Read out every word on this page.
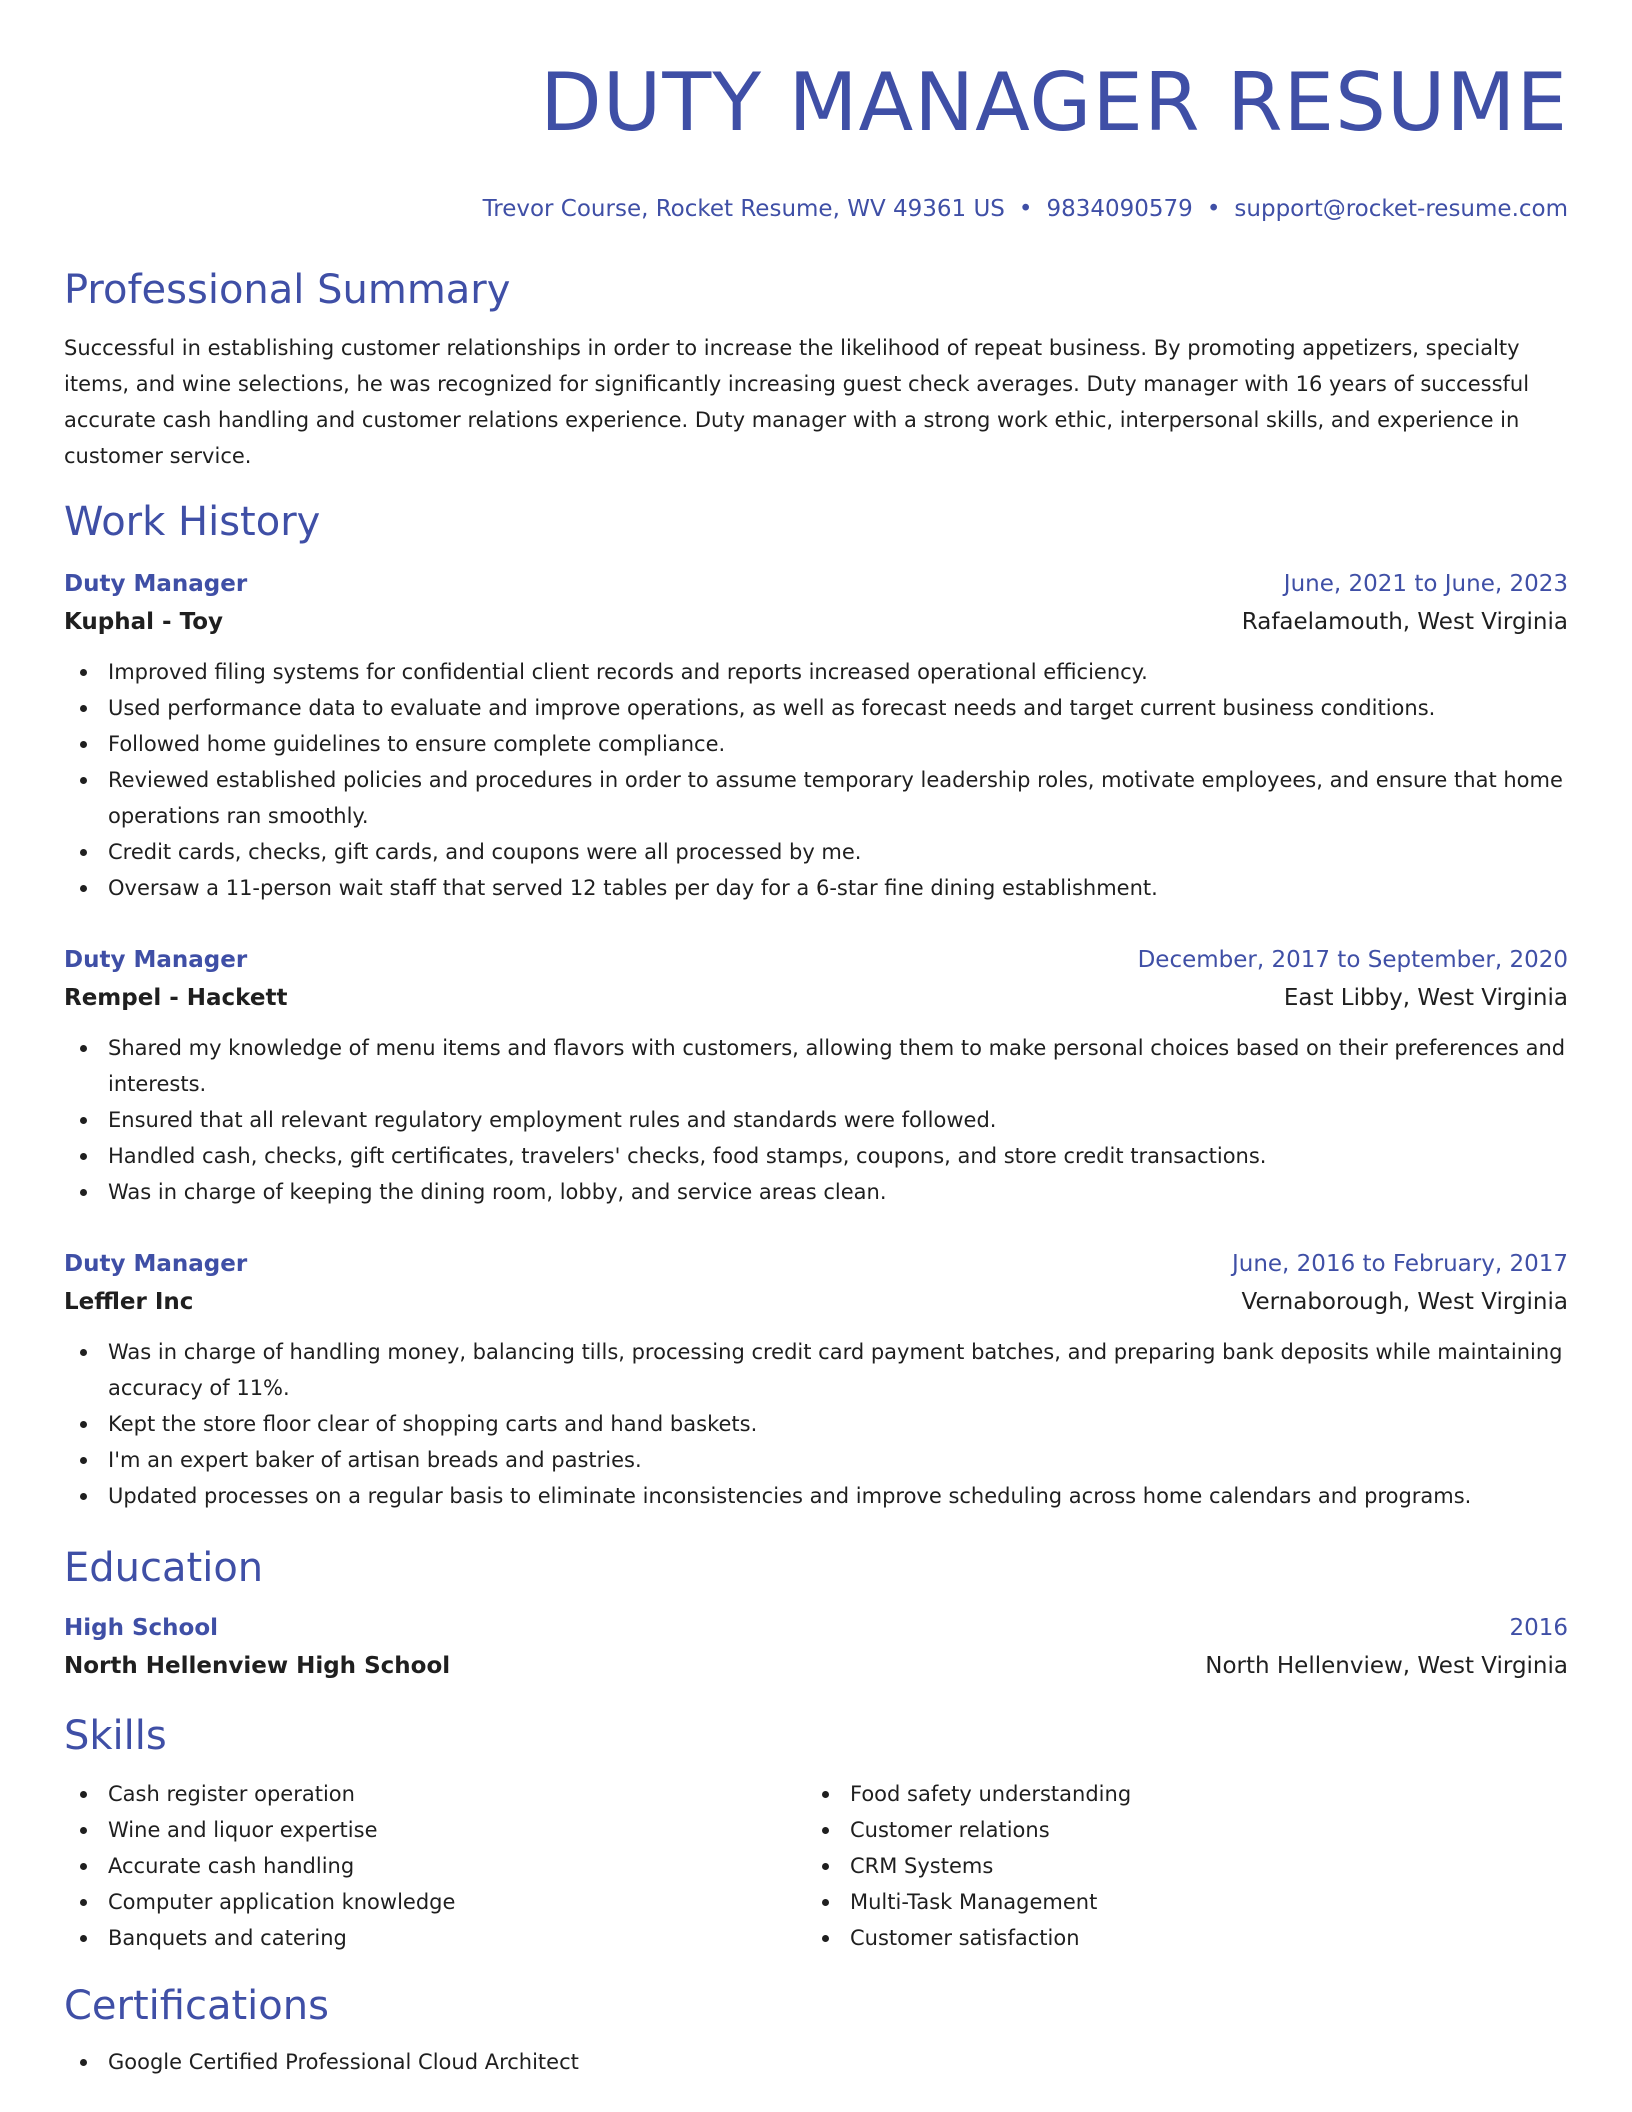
DUTY MANAGER RESUME
Trevor Course, Rocket Resume, WV 49361 US • 9834090579 • support@rocket-resume.com
Professional Summary

Successful in establishing customer relationships in order to increase the likelihood of repeat business. By promoting appetizers, specialty items, and wine selections, he was recognized for significantly increasing guest check averages. Duty manager with 16 years of successful accurate cash handling and customer relations experience. Duty manager with a strong work ethic, interpersonal skills, and experience in customer service.

Work History
Duty Manager	June, 2021 to June, 2023
Kuphal - Toy	Rafaelamouth, West Virginia
Improved filing systems for confidential client records and reports increased operational efficiency.
Used performance data to evaluate and improve operations, as well as forecast needs and target current business conditions.
Followed home guidelines to ensure complete compliance.
Reviewed established policies and procedures in order to assume temporary leadership roles, motivate employees, and ensure that home operations ran smoothly.
Credit cards, checks, gift cards, and coupons were all processed by me.
Oversaw a 11-person wait staff that served 12 tables per day for a 6-star fine dining establishment.
Duty Manager	December, 2017 to September, 2020
Rempel - Hackett	East Libby, West Virginia
Shared my knowledge of menu items and flavors with customers, allowing them to make personal choices based on their preferences and interests.
Ensured that all relevant regulatory employment rules and standards were followed.
Handled cash, checks, gift certificates, travelers' checks, food stamps, coupons, and store credit transactions.
Was in charge of keeping the dining room, lobby, and service areas clean.
Duty Manager	June, 2016 to February, 2017
Leffler Inc	Vernaborough, West Virginia
Was in charge of handling money, balancing tills, processing credit card payment batches, and preparing bank deposits while maintaining accuracy of 11%.
Kept the store floor clear of shopping carts and hand baskets.
I'm an expert baker of artisan breads and pastries.
Updated processes on a regular basis to eliminate inconsistencies and improve scheduling across home calendars and programs.
Education
High School	2016
North Hellenview High School	North Hellenview, West Virginia
Skills
Cash register operation
Wine and liquor expertise
Accurate cash handling
Computer application knowledge
Banquets and catering
Food safety understanding
Customer relations
CRM Systems
Multi-Task Management
Customer satisfaction
Certifications
Google Certified Professional Cloud Architect
